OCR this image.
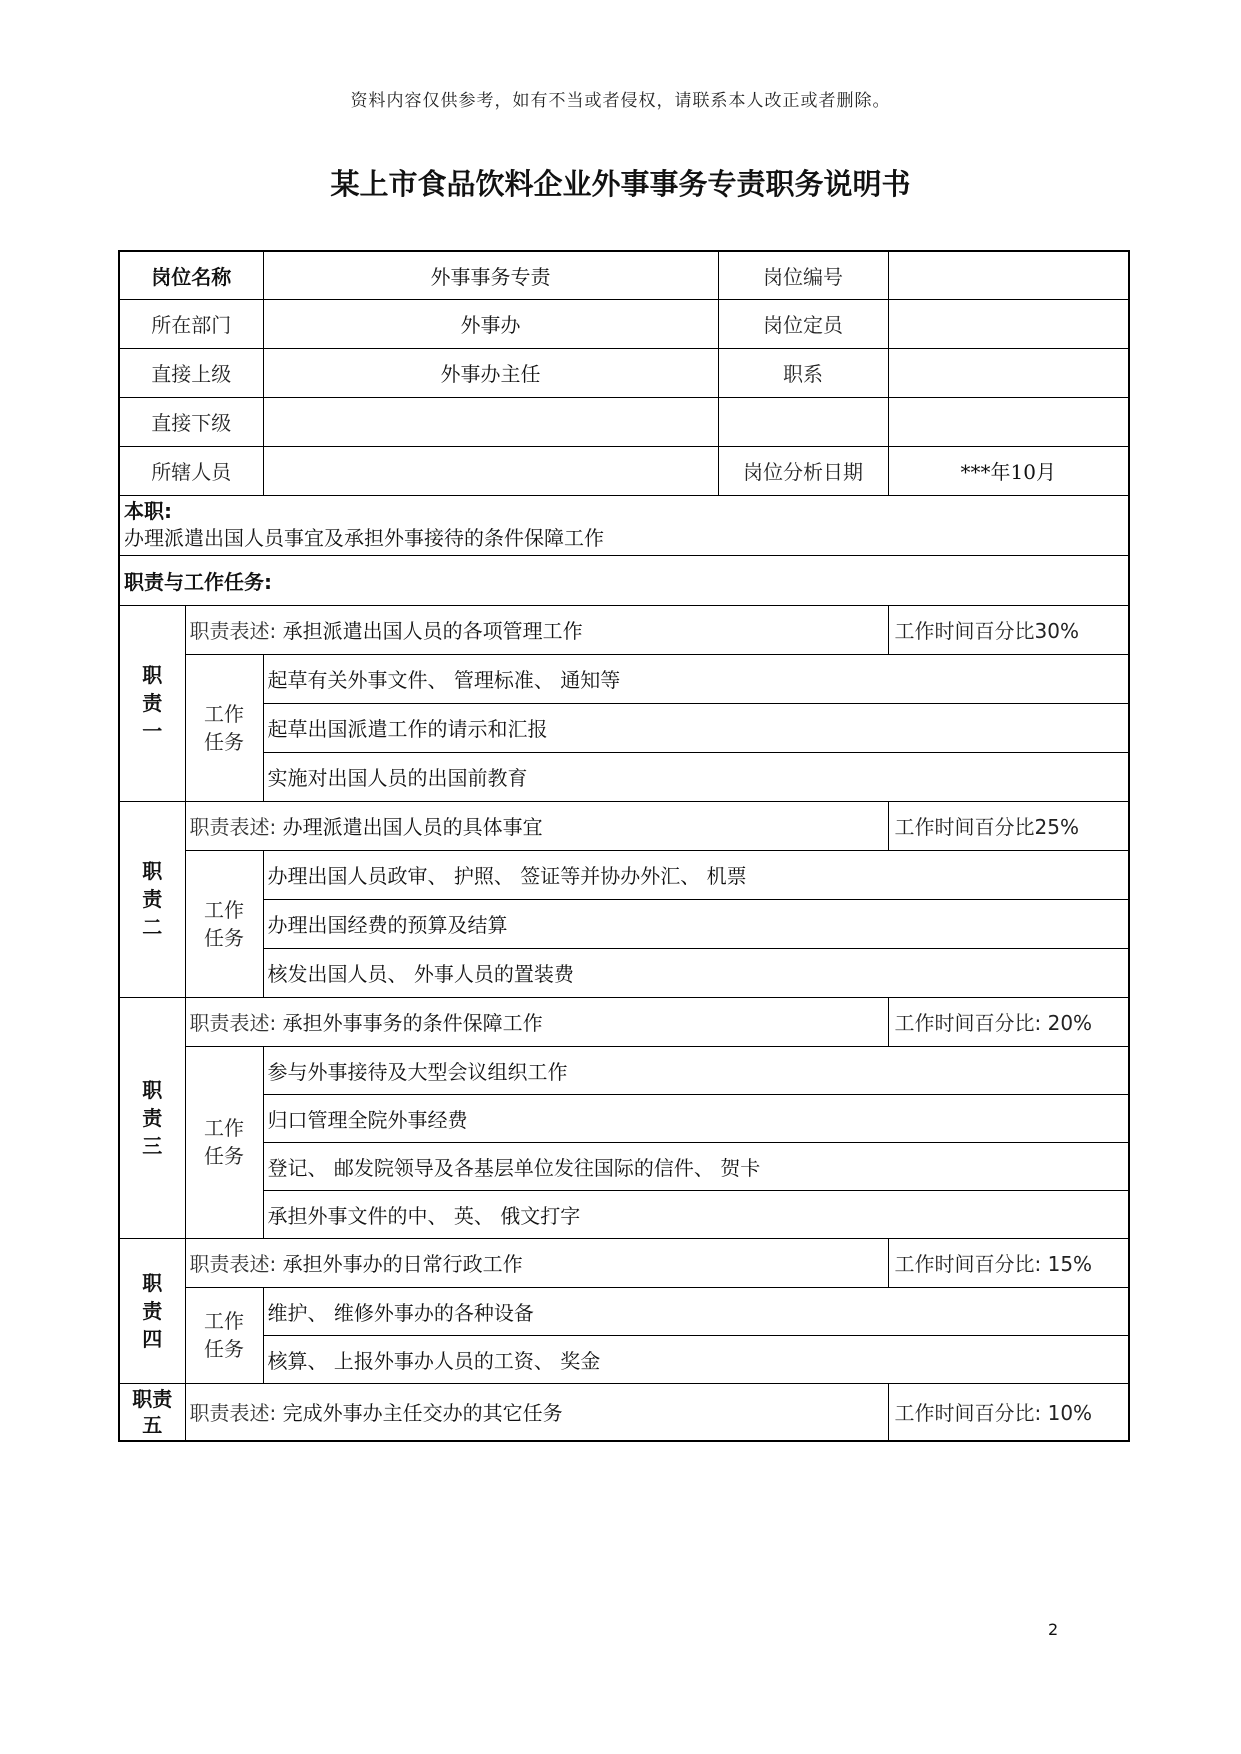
资料内容仅供参考，如有不当或者侵权，请联系本人改正或者删除。
某上市食品饮料企业外事事务专责职务说明书
岗位名称		外事事务专责	岗位编号	
所在部门		外事办	岗位定员	
直接上级		外事办主任	职系	
直接下级				
所辖人员			岗位分析日期	***年10月

本职:
办理派遣出国人员事宜及承担外事接待的条件保障工作				

职责与工作任务:				

职
责
一	职责表述: 承担派遣出国人员的各项管理工作			工作时间百分比30%

	工作
任务	起草有关外事文件、 管理标准、 通知等		
		起草出国派遣工作的请示和汇报		
		实施对出国人员的出国前教育		

职
责
二	职责表述: 办理派遣出国人员的具体事宜			工作时间百分比25%

	工作
任务	办理出国人员政审、 护照、 签证等并协办外汇、 机票		
		办理出国经费的预算及结算		
		核发出国人员、 外事人员的置装费		

职
责
三	职责表述: 承担外事事务的条件保障工作			工作时间百分比: 20%

	工作
任务	参与外事接待及大型会议组织工作		
		归口管理全院外事经费		
		登记、 邮发院领导及各基层单位发往国际的信件、 贺卡		
		承担外事文件的中、 英、 俄文打字		

职
责
四	职责表述: 承担外事办的日常行政工作			工作时间百分比: 15%

	工作
任务	维护、 维修外事办的各种设备		
		核算、 上报外事办人员的工资、 奖金		

职责
五	职责表述: 完成外事办主任交办的其它任务			工作时间百分比: 10%
2
